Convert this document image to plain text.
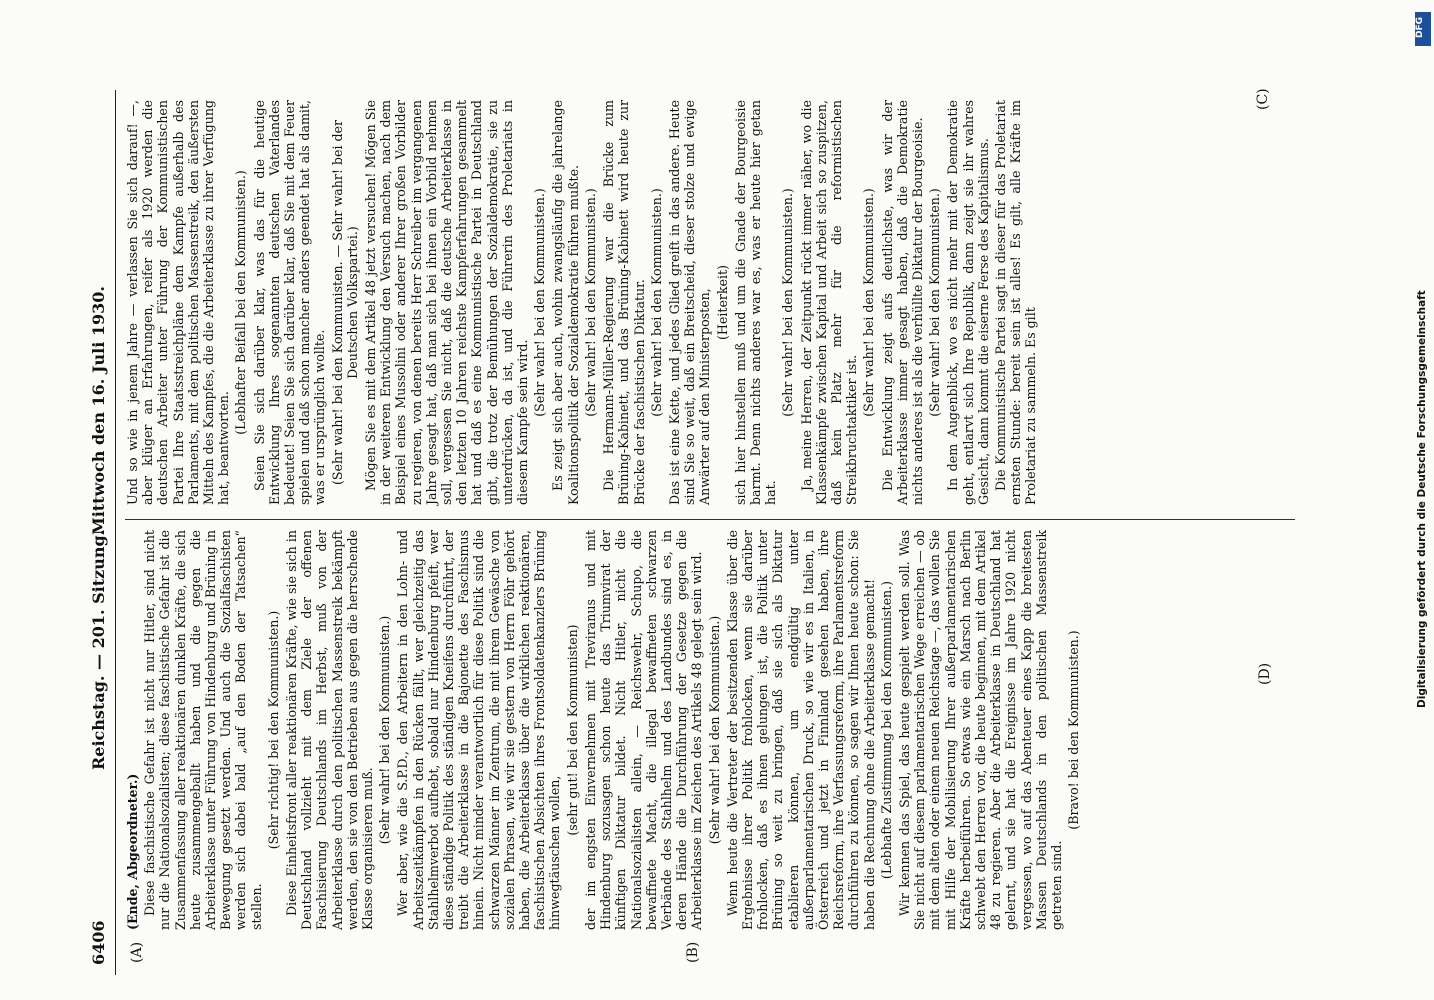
6406
Reichstag. — 201. Sitzung.
Mittwoch den 16. Juli 1930.
(A)	(B)
(C)
(D)

(Ende, Abgeordneter.) Diese faschistische Gefahr ist nicht nur Hitler, sind nicht nur die Nationalsozialisten; diese faschistische Gefahr ist die Zusammenfassung aller reaktionären dunklen Kräfte, die sich heute zusammengeballt haben und die gegen die Arbeiterklasse unter Führung von Hindenburg und Brüning in Bewegung gesetzt werden. Und auch die Sozialfaschisten werden sich dabei bald „auf den Boden der Tatsachen“ stellen.

(Sehr richtig! bei den Kommunisten.) Diese Einheitsfront aller reaktionären Kräfte, wie sie sich in Deutschland vollzieht mit dem Ziele der offenen Faschisierung Deutschlands im Herbst, muß von der Arbeiterklasse durch den politischen Massenstreik bekämpft werden, den sie von den Betrieben aus gegen die herrschende Klasse organisieren muß.

(Sehr wahr! bei den Kommunisten.) Wer aber, wie die S.P.D., den Arbeitern in den Lohn- und Arbeitszeitkämpfen in den Rücken fällt, wer gleichzeitig das Stahlhelmverbot aufhebt, sobald nur Hindenburg pfeift, wer diese ständige Politik des ständigen Kneifens durchführt, der treibt die Arbeiterklasse in die Bajonette des Faschismus hinein. Nicht minder verantwortlich für diese Politik sind die schwarzen Männer im Zentrum, die mit ihrem Gewäsche von sozialen Phrasen, wie wir sie gestern von Herrn Föhr gehört haben, die Arbeiterklasse über die wirklichen reaktionären, faschistischen Absichten ihres Frontsoldatenkanzlers Brüning hinwegtäuschen wollen,

(sehr gut! bei den Kommunisten) der im engsten Einvernehmen mit Treviranus und mit Hindenburg sozusagen schon heute das Triumvirat der künftigen Diktatur bildet. Nicht Hitler, nicht die Nationalsozialisten allein, — Reichswehr, Schupo, die bewaffnete Macht, die illegal bewaffneten schwarzen Verbände des Stahlhelm und des Landbundes sind es, in deren Hände die Durchführung der Gesetze gegen die Arbeiterklasse im Zeichen des Artikels 48 gelegt sein wird. (Sehr wahr! bei den Kommunisten.) Wenn heute die Vertreter der besitzenden Klasse über die Ergebnisse ihrer Politik frohlocken, wenn sie darüber frohlocken, daß es ihnen gelungen ist, die Politik unter Brüning so weit zu bringen, daß sie sich als Diktatur etablieren können, um endgültig unter außerparlamentarischen Druck, so wie wir es in Italien, in Österreich und jetzt in Finnland gesehen haben, ihre Reichsreform, ihre Verfassungsreform, ihre Parlamentsreform durchführen zu können, so sagen wir Ihnen heute schon: Sie haben die Rechnung ohne die Arbeiterklasse gemacht! (Lebhafte Zustimmung bei den Kommunisten.) Wir kennen das Spiel, das heute gespielt werden soll. Was Sie nicht auf diesem parlamentarischen Wege erreichen — ob mit dem alten oder einem neuen Reichstage —, das wollen Sie mit Hilfe der Mobilisierung Ihrer außerparlamentarischen Kräfte herbeiführen. So etwas wie ein Marsch nach Berlin schwebt den Herren vor, die heute beginnen, mit dem Artikel 48 zu regieren. Aber die Arbeiterklasse in Deutschland hat gelernt, und sie hat die Ereignisse im Jahre 1920 nicht vergessen, wo auf das Abenteuer eines Kapp die breitesten Massen Deutschlands in den politischen Massenstreik getreten sind.

(Bravo! bei den Kommunisten.)

Und so wie in jenem Jahre — verlassen Sie sich darauf! —, aber klüger an Erfahrungen, reifer als 1920 werden die deutschen Arbeiter unter Führung der Kommunistischen Partei Ihre Staatsstreichpläne dem Kampfe außerhalb des Parlaments, mit dem politischen Massenstreik, den äußersten Mitteln des Kampfes, die die Arbeiterklasse zu ihrer Verfügung hat, beantworten.

(Lebhafter Beifall bei den Kommunisten.) Seien Sie sich darüber klar, was das für die heutige Entwicklung Ihres sogenannten deutschen Vaterlandes bedeutet! Seien Sie sich darüber klar, daß Sie mit dem Feuer spielen und daß schon mancher anders geendet hat als damit, was er ursprünglich wollte. (Sehr wahr! bei den Kommunisten. — Sehr wahr! bei der Deutschen Volkspartei.) Mögen Sie es mit dem Artikel 48 jetzt versuchen! Mögen Sie in der weiteren Entwicklung den Versuch machen, nach dem Beispiel eines Mussolini oder anderer Ihrer großen Vorbilder zu regieren, von denen bereits Herr Schreiber im vergangenen Jahre gesagt hat, daß man sich bei ihnen ein Vorbild nehmen soll, vergessen Sie nicht, daß die deutsche Arbeiterklasse in den letzten 10 Jahren reichste Kampferfahrungen gesammelt hat und daß es eine Kommunistische Partei in Deutschland gibt, die trotz der Bemühungen der Sozialdemokratie, sie zu unterdrücken, da ist, und die Führerin des Proletariats in diesem Kampfe sein wird.

(Sehr wahr! bei den Kommunisten.) Es zeigt sich aber auch, wohin zwangsläufig die jahrelange Koalitionspolitik der Sozialdemokratie führen mußte. (Sehr wahr! bei den Kommunisten.) Die Hermann-Müller-Regierung war die Brücke zum Brüning-Kabinett, und das Brüning-Kabinett wird heute zur Brücke der faschistischen Diktatur. (Sehr wahr! bei den Kommunisten.) Das ist eine Kette, und jedes Glied greift in das andere. Heute sind Sie so weit, daß ein Breitscheid, dieser stolze und ewige Anwärter auf den Ministerposten, (Heiterkeit) sich hier hinstellen muß und um die Gnade der Bourgeoisie barmt. Denn nichts anderes war es, was er heute hier getan hat.

(Sehr wahr! bei den Kommunisten.) Ja, meine Herren, der Zeitpunkt rückt immer näher, wo die Klassenkämpfe zwischen Kapital und Arbeit sich so zuspitzen, daß kein Platz mehr für die reformistischen Streikbruchtaktiker ist.

(Sehr wahr! bei den Kommunisten.) Die Entwicklung zeigt aufs deutlichste, was wir der Arbeiterklasse immer gesagt haben, daß die Demokratie nichts anderes ist als die verhüllte Diktatur der Bourgeoisie. (Sehr wahr! bei den Kommunisten.) In dem Augenblick, wo es nicht mehr mit der Demokratie geht, entlarvt sich Ihre Republik, dann zeigt sie ihr wahres Gesicht, dann kommt die eiserne Ferse des Kapitalismus. Die Kommunistische Partei sagt in dieser für das Proletariat ernsten Stunde: bereit sein ist alles! Es gilt, alle Kräfte im Proletariat zu sammeln. Es gilt

DFG
Digitalisierung gefördert durch die Deutsche Forschungsgemeinschaft
